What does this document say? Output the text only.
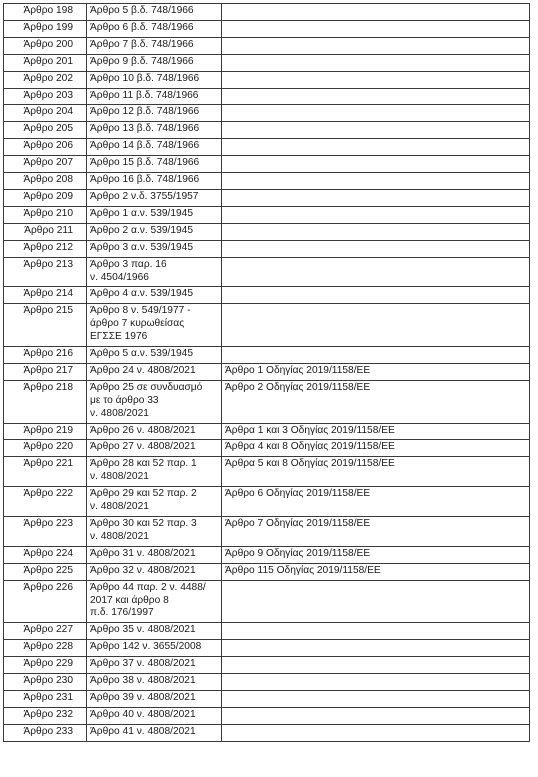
Άρθρο 198	Άρθρο 5 β.δ. 748/1966	
Άρθρο 199	Άρθρο 6 β.δ. 748/1966	
Άρθρο 200	Άρθρο 7 β.δ. 748/1966	
Άρθρο 201	Άρθρο 9 β.δ. 748/1966	
Άρθρο 202	Άρθρο 10 β.δ. 748/1966	
Άρθρο 203	Άρθρο 11 β.δ. 748/1966	
Άρθρο 204	Άρθρο 12 β.δ. 748/1966	
Άρθρο 205	Άρθρο 13 β.δ. 748/1966	
Άρθρο 206	Άρθρο 14 β.δ. 748/1966	
Άρθρο 207	Άρθρο 15 β.δ. 748/1966	
Άρθρο 208	Άρθρο 16 β.δ. 748/1966	
Άρθρο 209	Άρθρο 2 ν.δ. 3755/1957	
Άρθρο 210	Άρθρο 1 α.ν. 539/1945	
Άρθρο 211	Άρθρο 2 α.ν. 539/1945	
Άρθρο 212	Άρθρο 3 α.ν. 539/1945	
Άρθρο 213	Άρθρο 3 παρ. 16
ν. 4504/1966	
Άρθρο 214	Άρθρο 4 α.ν. 539/1945	
Άρθρο 215	Άρθρο 8 ν. 549/1977 -
άρθρο 7 κυρωθείσας
ΕΓΣΣΕ 1976	
Άρθρο 216	Άρθρο 5 α.ν. 539/1945	
Άρθρο 217	Άρθρο 24 ν. 4808/2021	Άρθρο 1 Οδηγίας 2019/1158/ΕΕ
Άρθρο 218	Άρθρο 25 σε συνδυασμό
με το άρθρο 33
ν. 4808/2021	Άρθρο 2 Οδηγίας 2019/1158/ΕΕ
Άρθρο 219	Άρθρο 26 ν. 4808/2021	Άρθρα 1 και 3 Οδηγίας 2019/1158/ΕΕ
Άρθρο 220	Άρθρο 27 ν. 4808/2021	Άρθρα 4 και 8 Οδηγίας 2019/1158/ΕΕ
Άρθρο 221	Άρθρο 28 και 52 παρ. 1
ν. 4808/2021	Άρθρα 5 και 8 Οδηγίας 2019/1158/ΕΕ
Άρθρο 222	Άρθρο 29 και 52 παρ. 2
ν. 4808/2021	Άρθρο 6 Οδηγίας 2019/1158/ΕΕ
Άρθρο 223	Άρθρο 30 και 52 παρ. 3
ν. 4808/2021	Άρθρο 7 Οδηγίας 2019/1158/ΕΕ
Άρθρο 224	Άρθρο 31 ν. 4808/2021	Άρθρο 9 Οδηγίας 2019/1158/ΕΕ
Άρθρο 225	Άρθρο 32 ν. 4808/2021	Άρθρο 115 Οδηγίας 2019/1158/ΕΕ
Άρθρο 226	Άρθρο 44 παρ. 2 ν. 4488/
2017 και άρθρο 8
π.δ. 176/1997	
Άρθρο 227	Άρθρο 35 ν. 4808/2021	
Άρθρο 228	Άρθρο 142 ν. 3655/2008	
Άρθρο 229	Άρθρο 37 ν. 4808/2021	
Άρθρο 230	Άρθρο 38 ν. 4808/2021	
Άρθρο 231	Άρθρο 39 ν. 4808/2021	
Άρθρο 232	Άρθρο 40 ν. 4808/2021	
Άρθρο 233	Άρθρο 41 ν. 4808/2021	
